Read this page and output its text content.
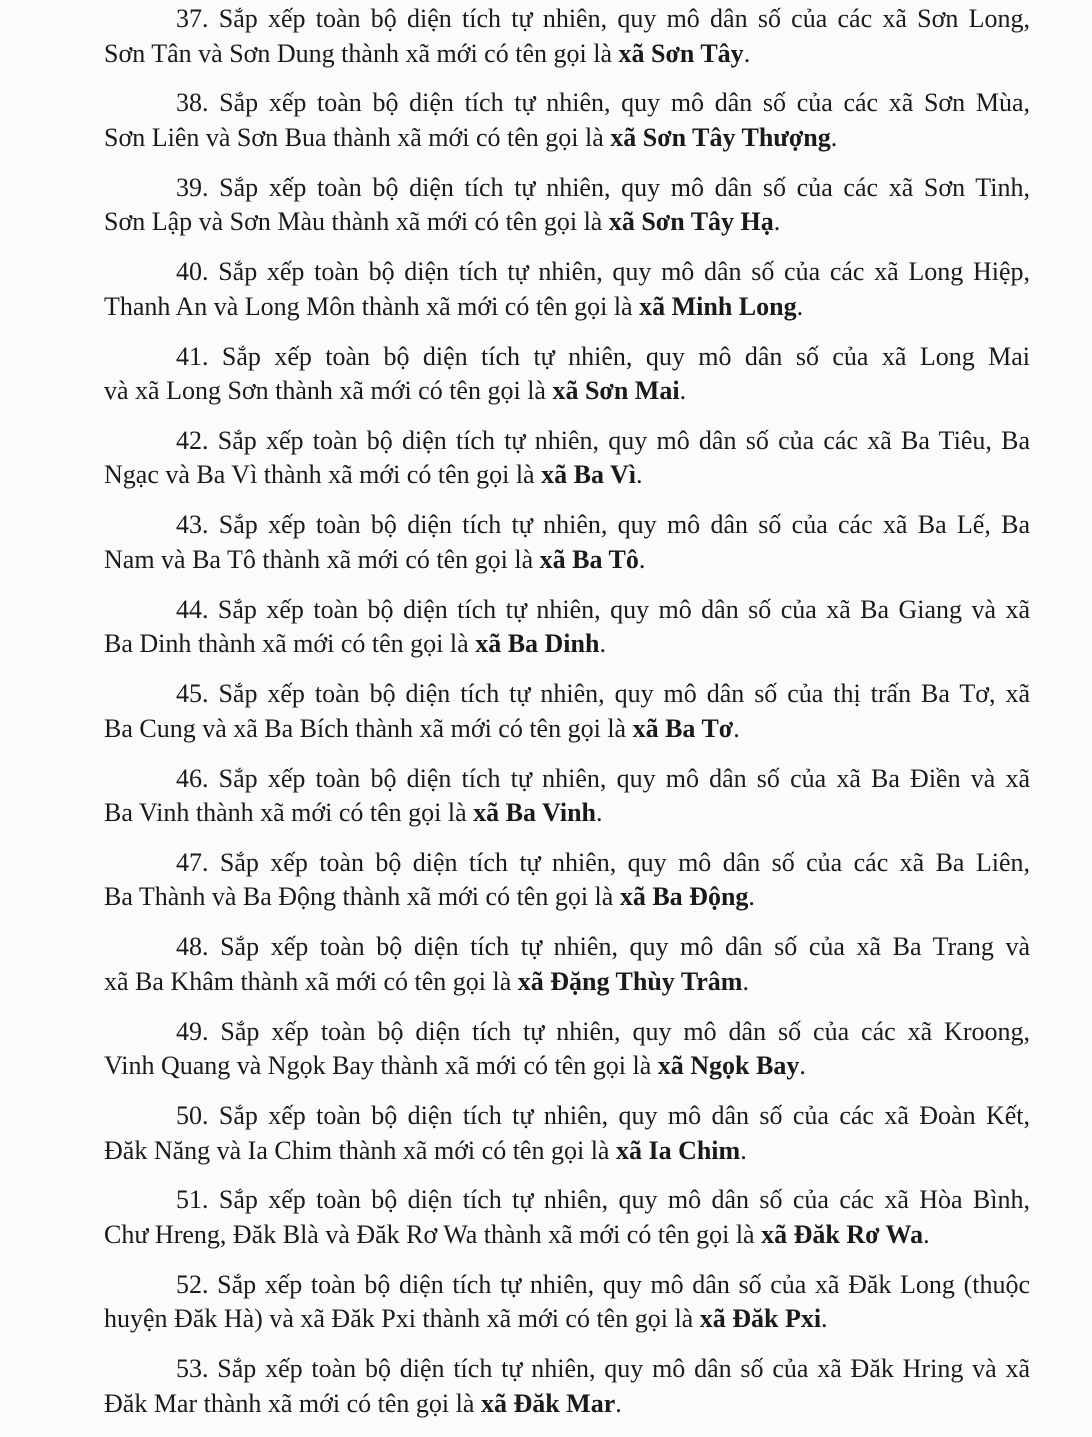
37. Sắp xếp toàn bộ diện tích tự nhiên, quy mô dân số của các xã Sơn Long,
Sơn Tân và Sơn Dung thành xã mới có tên gọi là xã Sơn Tây.

38. Sắp xếp toàn bộ diện tích tự nhiên, quy mô dân số của các xã Sơn Mùa,
Sơn Liên và Sơn Bua thành xã mới có tên gọi là xã Sơn Tây Thượng.

39. Sắp xếp toàn bộ diện tích tự nhiên, quy mô dân số của các xã Sơn Tinh,
Sơn Lập và Sơn Màu thành xã mới có tên gọi là xã Sơn Tây Hạ.

40. Sắp xếp toàn bộ diện tích tự nhiên, quy mô dân số của các xã Long Hiệp,
Thanh An và Long Môn thành xã mới có tên gọi là xã Minh Long.

41. Sắp xếp toàn bộ diện tích tự nhiên, quy mô dân số của xã Long Mai
và xã Long Sơn thành xã mới có tên gọi là xã Sơn Mai.

42. Sắp xếp toàn bộ diện tích tự nhiên, quy mô dân số của các xã Ba Tiêu, Ba
Ngạc và Ba Vì thành xã mới có tên gọi là xã Ba Vì.

43. Sắp xếp toàn bộ diện tích tự nhiên, quy mô dân số của các xã Ba Lế, Ba
Nam và Ba Tô thành xã mới có tên gọi là xã Ba Tô.

44. Sắp xếp toàn bộ diện tích tự nhiên, quy mô dân số của xã Ba Giang và xã
Ba Dinh thành xã mới có tên gọi là xã Ba Dinh.

45. Sắp xếp toàn bộ diện tích tự nhiên, quy mô dân số của thị trấn Ba Tơ, xã
Ba Cung và xã Ba Bích thành xã mới có tên gọi là xã Ba Tơ.

46. Sắp xếp toàn bộ diện tích tự nhiên, quy mô dân số của xã Ba Điền và xã
Ba Vinh thành xã mới có tên gọi là xã Ba Vinh.

47. Sắp xếp toàn bộ diện tích tự nhiên, quy mô dân số của các xã Ba Liên,
Ba Thành và Ba Động thành xã mới có tên gọi là xã Ba Động.

48. Sắp xếp toàn bộ diện tích tự nhiên, quy mô dân số của xã Ba Trang và
xã Ba Khâm thành xã mới có tên gọi là xã Đặng Thùy Trâm.

49. Sắp xếp toàn bộ diện tích tự nhiên, quy mô dân số của các xã Kroong,
Vinh Quang và Ngọk Bay thành xã mới có tên gọi là xã Ngọk Bay.

50. Sắp xếp toàn bộ diện tích tự nhiên, quy mô dân số của các xã Đoàn Kết,
Đăk Năng và Ia Chim thành xã mới có tên gọi là xã Ia Chim.

51. Sắp xếp toàn bộ diện tích tự nhiên, quy mô dân số của các xã Hòa Bình,
Chư Hreng, Đăk Blà và Đăk Rơ Wa thành xã mới có tên gọi là xã Đăk Rơ Wa.

52. Sắp xếp toàn bộ diện tích tự nhiên, quy mô dân số của xã Đăk Long (thuộc
huyện Đăk Hà) và xã Đăk Pxi thành xã mới có tên gọi là xã Đăk Pxi.

53. Sắp xếp toàn bộ diện tích tự nhiên, quy mô dân số của xã Đăk Hring và xã
Đăk Mar thành xã mới có tên gọi là xã Đăk Mar.
